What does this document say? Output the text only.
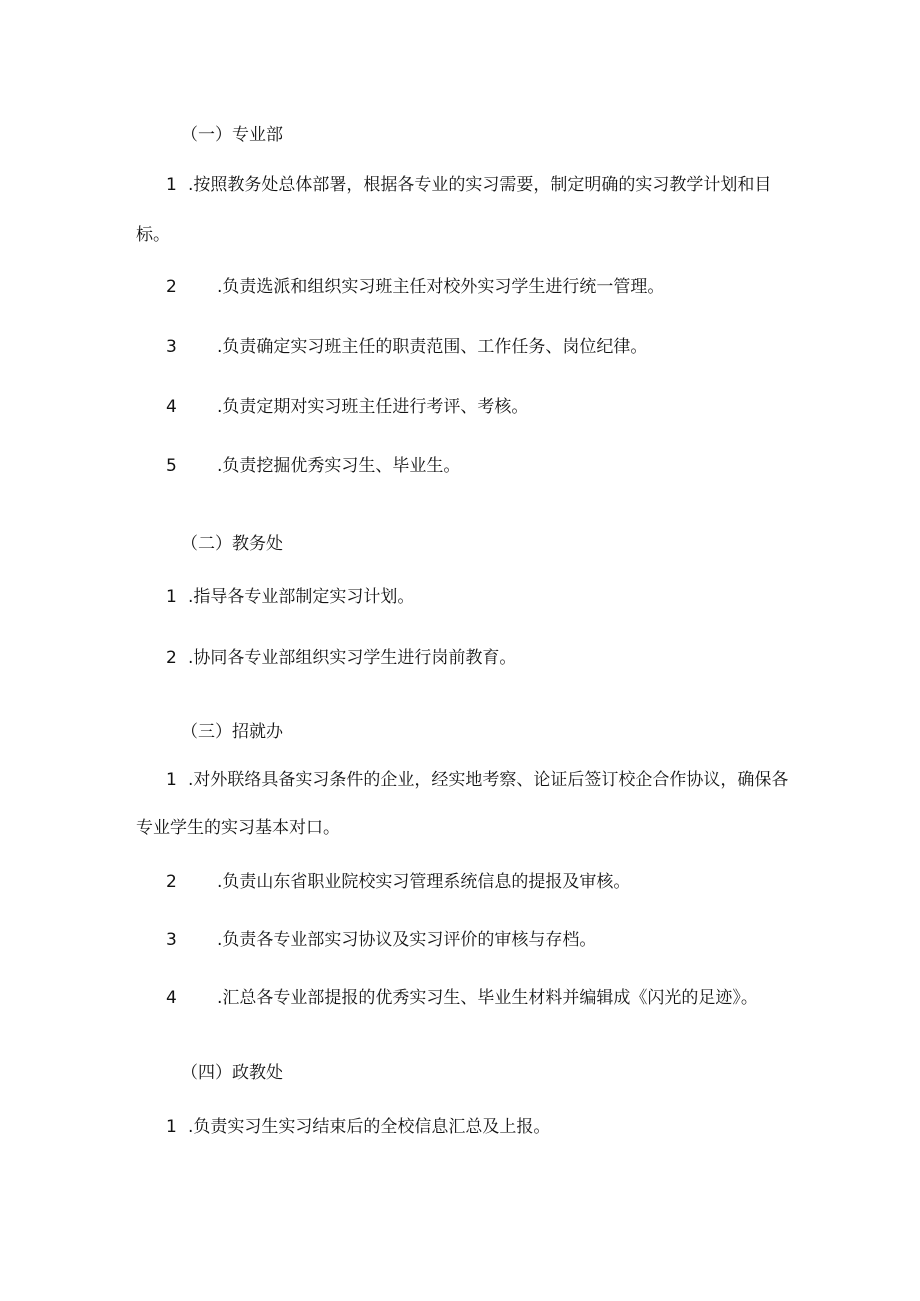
（一）专业部
1 .按照教务处总体部署，根据各专业的实习需要，制定明确的实习教学计划和目
标。
2 .负责选派和组织实习班主任对校外实习学生进行统一管理。
3 .负责确定实习班主任的职责范围、工作任务、岗位纪律。
4 .负责定期对实习班主任进行考评、考核。
5 .负责挖掘优秀实习生、毕业生。
（二）教务处
1 .指导各专业部制定实习计划。
2 .协同各专业部组织实习学生进行岗前教育。
（三）招就办
1 .对外联络具备实习条件的企业，经实地考察、论证后签订校企合作协议，确保各
专业学生的实习基本对口。
2 .负责山东省职业院校实习管理系统信息的提报及审核。
3 .负责各专业部实习协议及实习评价的审核与存档。
4 .汇总各专业部提报的优秀实习生、毕业生材料并编辑成《闪光的足迹》。
（四）政教处
1 .负责实习生实习结束后的全校信息汇总及上报。
